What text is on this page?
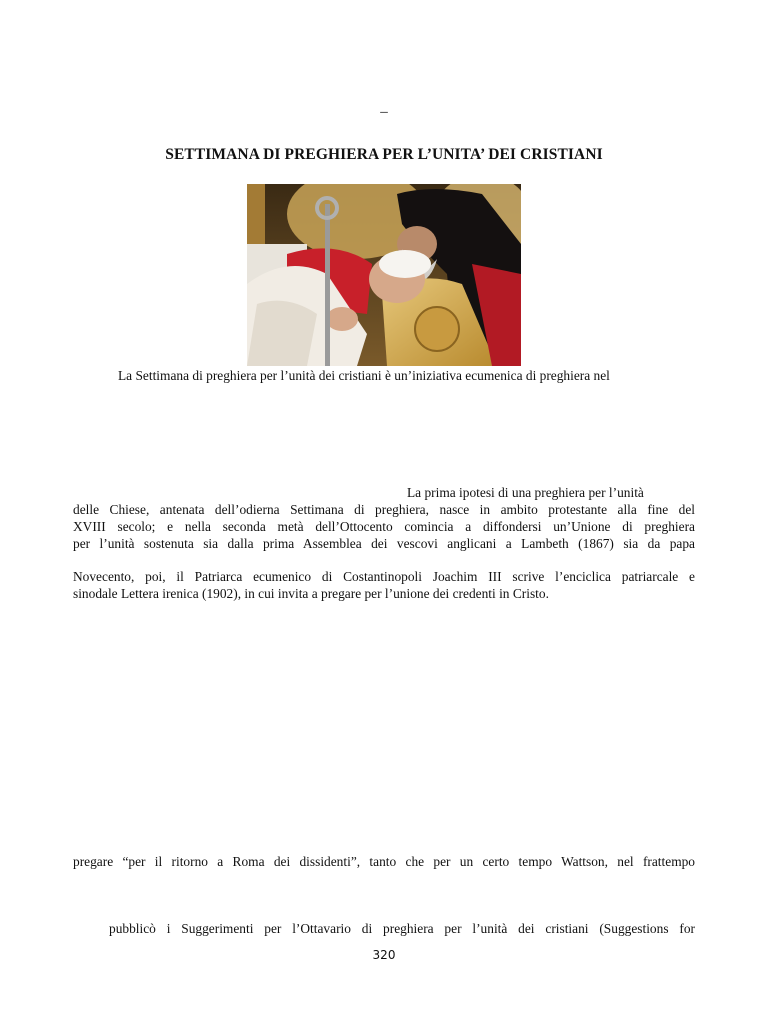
–
SETTIMANA DI PREGHIERA PER L’UNITA’ DEI CRISTIANI
La Settimana di preghiera per l’unità dei cristiani è un’iniziativa ecumenica di preghiera nel
La prima ipotesi di una preghiera per l’unità
delle Chiese, antenata dell’odierna Settimana di preghiera, nasce in ambito protestante alla fine del
XVIII secolo; e nella seconda metà dell’Ottocento comincia a diffondersi un’Unione di preghiera
per l’unità sostenuta sia dalla prima Assemblea dei vescovi anglicani a Lambeth (1867) sia da papa
Novecento, poi, il Patriarca ecumenico di Costantinopoli Joachim III scrive l’enciclica patriarcale e
sinodale Lettera irenica (1902), in cui invita a pregare per l’unione dei credenti in Cristo.
pregare “per il ritorno a Roma dei dissidenti”, tanto che per un certo tempo Wattson, nel frattempo
pubblicò i Suggerimenti per l’Ottavario di preghiera per l’unità dei cristiani (Suggestions for
320
